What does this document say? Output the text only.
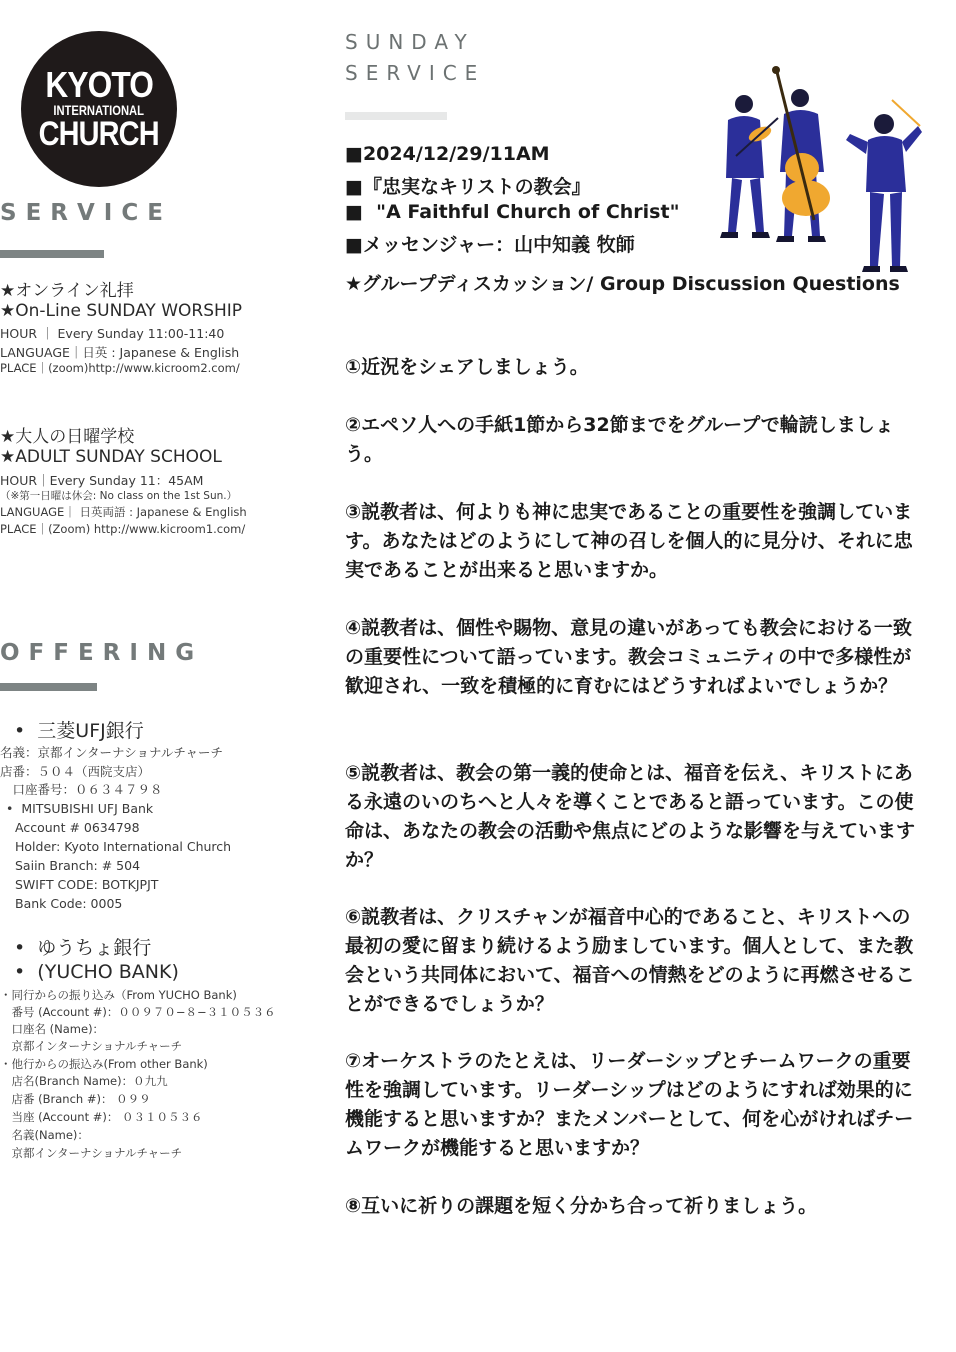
KYOTO
INTERNATIONAL
CHURCH
SERVICE
★オンライン礼拝
★On-Line SUNDAY WORSHIP
HOUR ｜ Every Sunday 11:00-11:40
LANGUAGE｜日英 : Japanese & English
PLACE｜(zoom)http://www.kicroom2.com/
★大人の日曜学校
★ADULT SUNDAY SCHOOL
HOUR｜Every Sunday 11：45AM
（※第一日曜は休会: No class on the 1st Sun.）
LANGUAGE｜ 日英両語 : Japanese & English
PLACE｜(Zoom) http://www.kicroom1.com/
OFFERING
•  三菱UFJ銀行
名義：京都インターナショナルチャーチ
店番：５０４（西院支店）
　口座番号：０６３４７９８
•  MITSUBISHI UFJ Bank
Account # 0634798
Holder: Kyoto International Church
Saiin Branch: # 504
SWIFT CODE: BOTKJPJT
Bank Code: 0005
•  ゆうちょ銀行
•  (YUCHO BANK)
・同行からの振り込み（From YUCHO Bank)
　番号 (Account #)：００９７０−８−３１０５３６
　口座名 (Name)：
　京都インターナショナルチャーチ
・他行からの振込み(From other Bank)
　店名(Branch Name)：０九九
　店番 (Branch #)： ０９９
　当座 (Account #)： ０３１０５３６
　名義(Name)：
　京都インターナショナルチャーチ
SUNDAY
SERVICE
■2024/12/29/11AM
■『忠実なキリストの教会』
■  "A Faithful Church of Christ"
■メッセンジャー：山中知義 牧師
★グループディスカッション/ Group Discussion Questions
①近況をシェアしましょう。
②エペソ人への手紙1節から32節までをグループで輪読しましょう。
③説教者は、何よりも神に忠実であることの重要性を強調しています。あなたはどのようにして神の召しを個人的に見分け、それに忠実であることが出来ると思いますか。
④説教者は、個性や賜物、意見の違いがあっても教会における一致の重要性について語っています。教会コミュニティの中で多様性が歓迎され、一致を積極的に育むにはどうすればよいでしょうか？
⑤説教者は、教会の第一義的使命とは、福音を伝え、キリストにある永遠のいのちへと人々を導くことであると語っています。この使命は、あなたの教会の活動や焦点にどのような影響を与えていますか？
⑥説教者は、クリスチャンが福音中心的であること、キリストへの最初の愛に留まり続けるよう励ましています。個人として、また教会という共同体において、福音への情熱をどのように再燃させることができるでしょうか？
⑦オーケストラのたとえは、リーダーシップとチームワークの重要性を強調しています。リーダーシップはどのようにすれば効果的に機能すると思いますか？またメンバーとして、何を心がければチームワークが機能すると思いますか？
⑧互いに祈りの課題を短く分かち合って祈りましょう。
